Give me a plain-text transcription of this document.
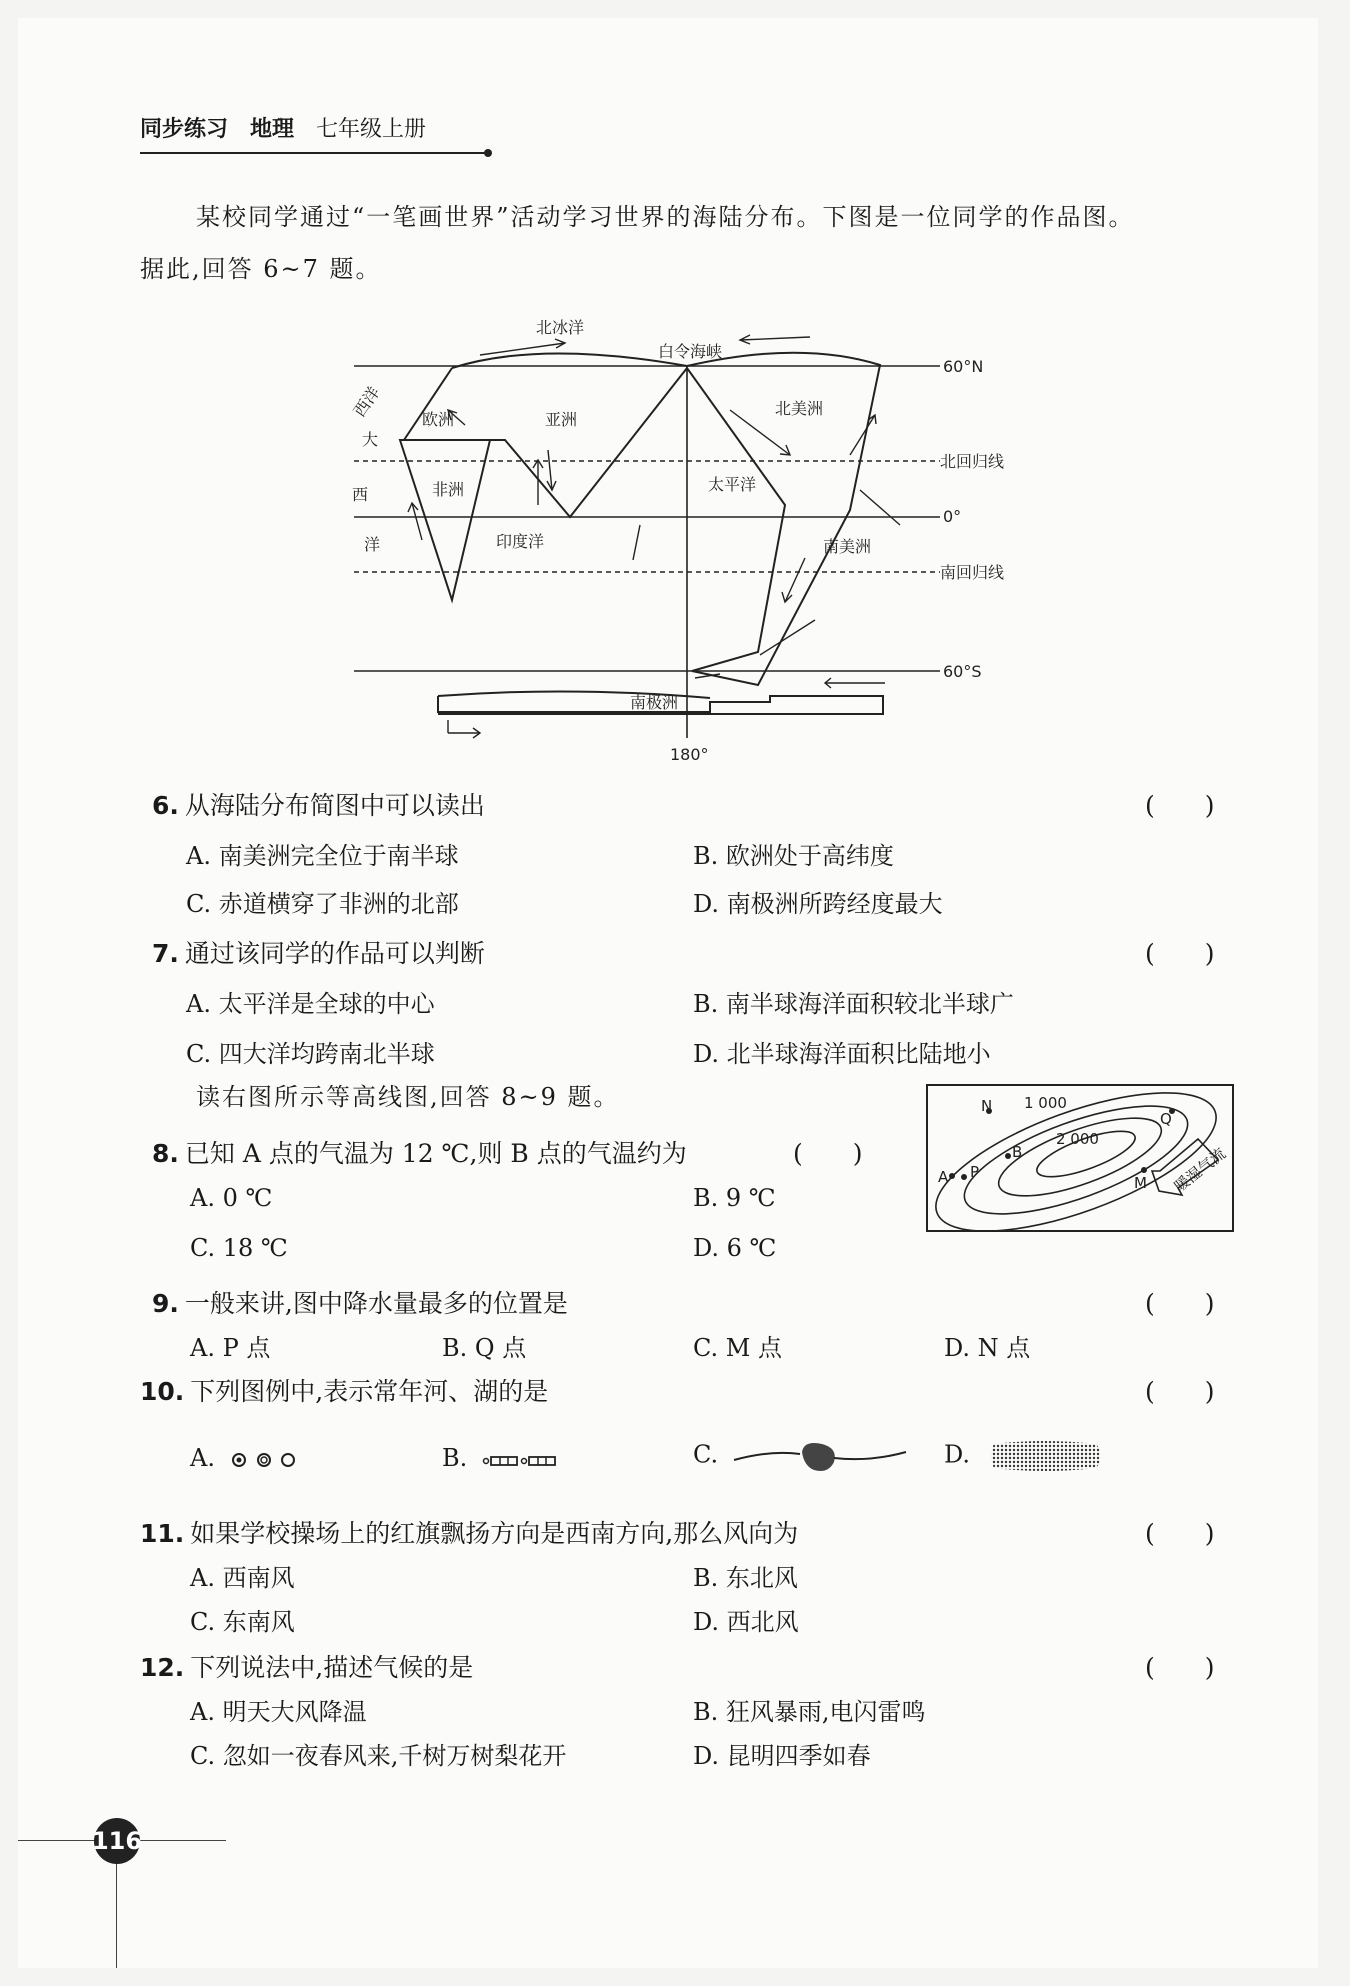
同步练习 地理 七年级上册
某校同学通过“一笔画世界”活动学习世界的海陆分布。下图是一位同学的作品图。
据此,回答 6~7 题。
北冰洋
白令海峡
60°N
北回归线
0°
南回归线
60°S
180°
欧洲	亚洲
北美洲
非洲	太平洋
印度洋	南美洲
南极洲
大
西
洋
西洋
6. 从海陆分布简图中可以读出	(　　)
A. 南美洲完全位于南半球	B. 欧洲处于高纬度
C. 赤道横穿了非洲的北部	D. 南极洲所跨经度最大
7. 通过该同学的作品可以判断	(　　)
A. 太平洋是全球的中心	B. 南半球海洋面积较北半球广
C. 四大洋均跨南北半球	D. 北半球海洋面积比陆地小
读右图所示等高线图,回答 8~9 题。	1 000
2 000
N
Q
B
A P
M 暖湿气流
8. 已知 A 点的气温为 12 ℃,则 B 点的气温约为	(　　)
A. 0 ℃	B. 9 ℃
C. 18 ℃	D. 6 ℃
9. 一般来讲,图中降水量最多的位置是	(　　)
A. P 点	B. Q 点	C. M 点	D. N 点
10. 下列图例中,表示常年河、湖的是	(　　)
A.	B.	C.	D.
11. 如果学校操场上的红旗飘扬方向是西南方向,那么风向为	(　　)
A. 西南风	B. 东北风
C. 东南风	D. 西北风
12. 下列说法中,描述气候的是	(　　)
A. 明天大风降温	B. 狂风暴雨,电闪雷鸣
C. 忽如一夜春风来,千树万树梨花开	D. 昆明四季如春
116
